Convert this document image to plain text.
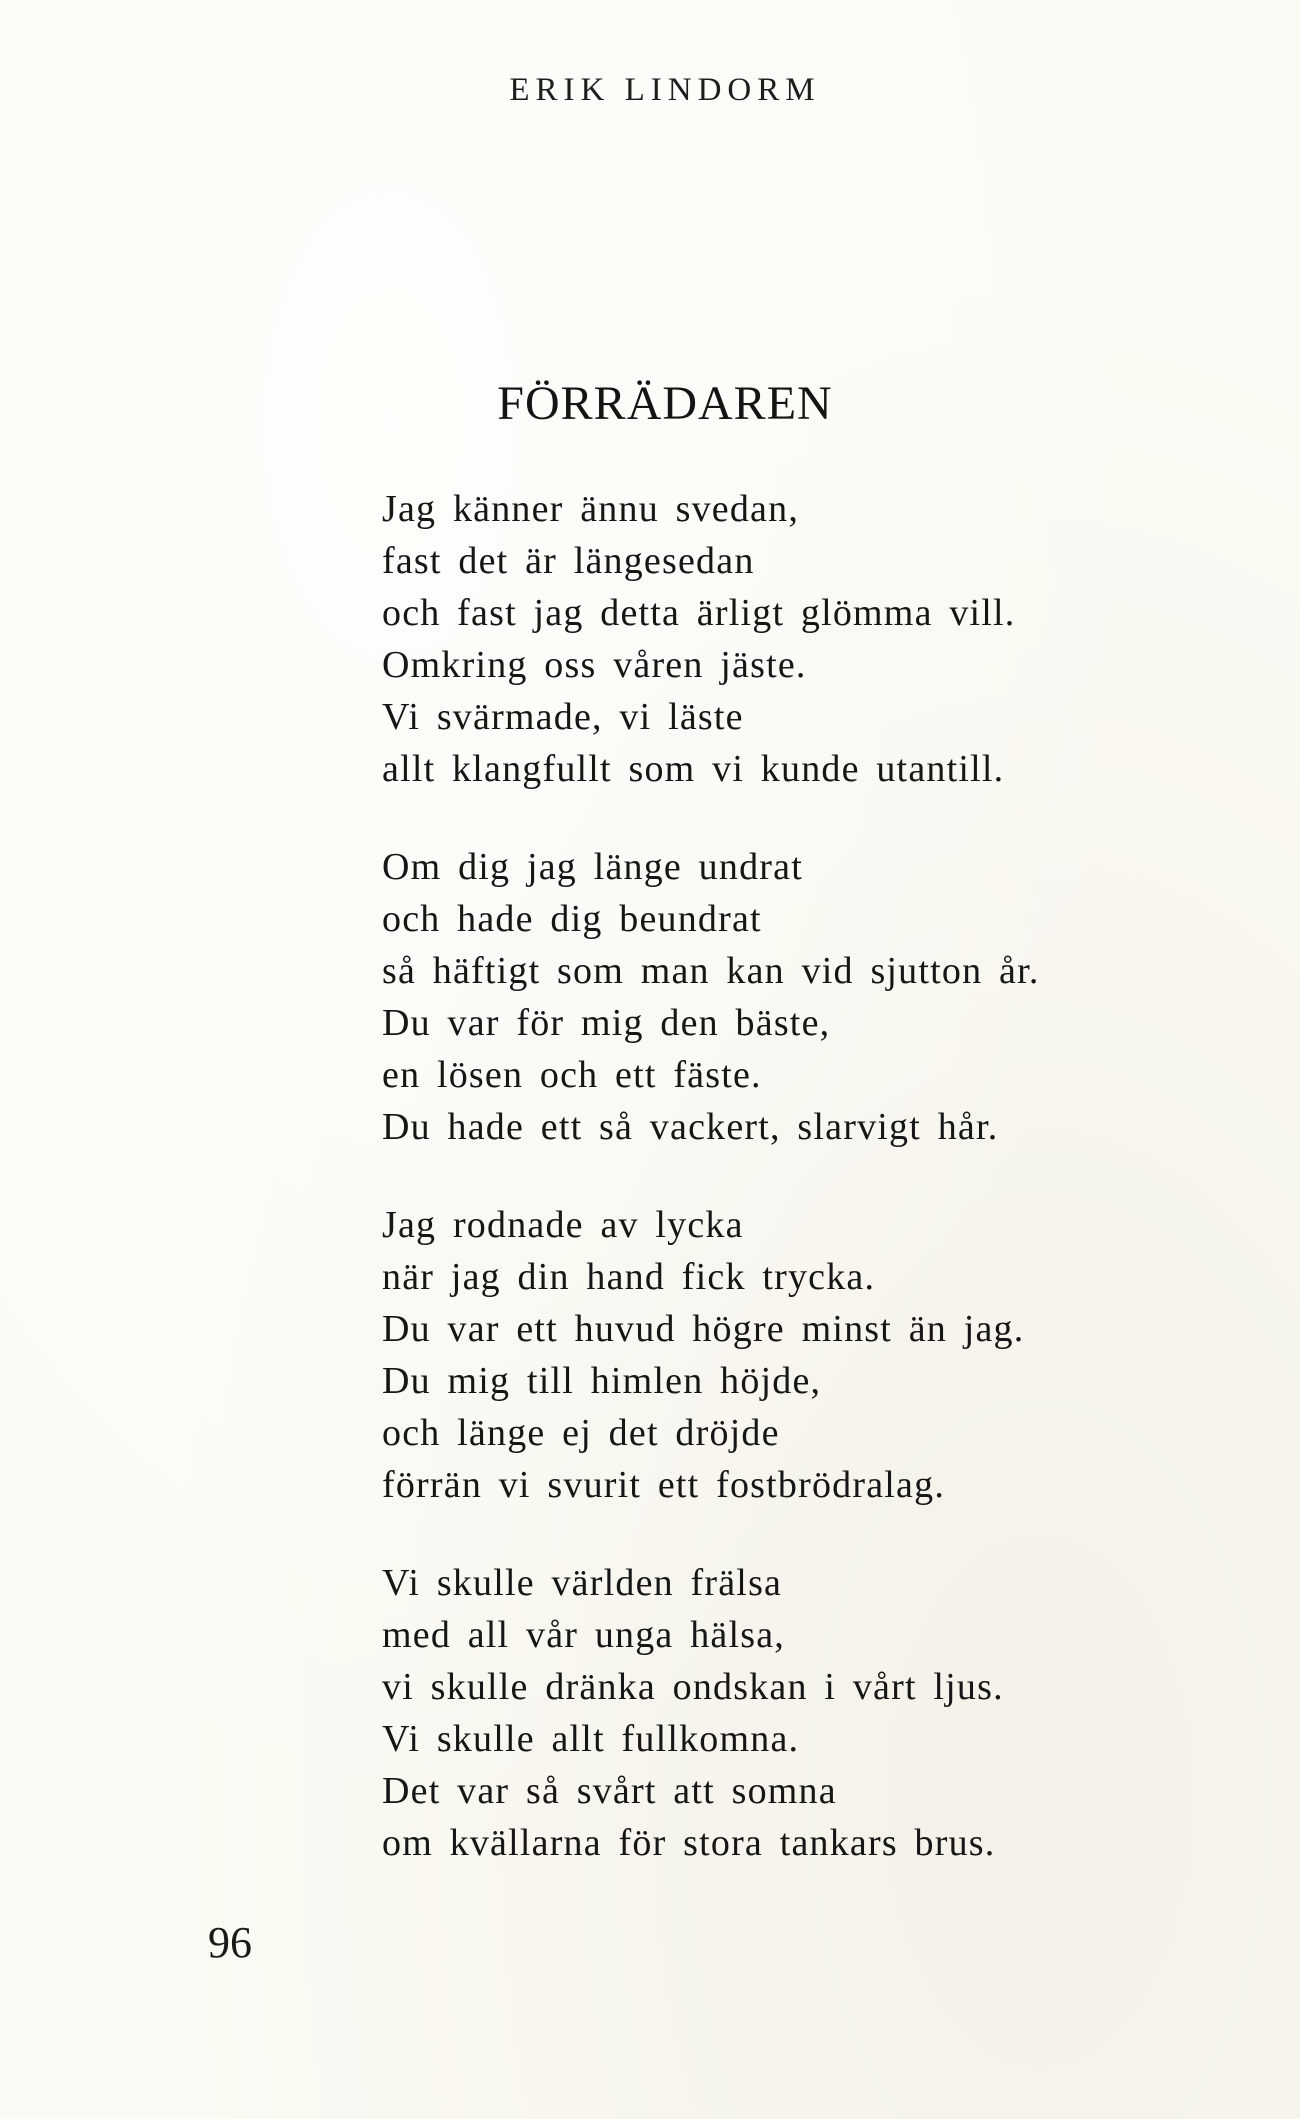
ERIK LINDORM
FÖRRÄDAREN
Jag känner ännu svedan,
fast det är längesedan
och fast jag detta ärligt glömma vill.
Omkring oss våren jäste.
Vi svärmade, vi läste
allt klangfullt som vi kunde utantill.
Om dig jag länge undrat
och hade dig beundrat
så häftigt som man kan vid sjutton år.
Du var för mig den bäste,
en lösen och ett fäste.
Du hade ett så vackert, slarvigt hår.
Jag rodnade av lycka
när jag din hand fick trycka.
Du var ett huvud högre minst än jag.
Du mig till himlen höjde,
och länge ej det dröjde
förrän vi svurit ett fostbrödralag.
Vi skulle världen frälsa
med all vår unga hälsa,
vi skulle dränka ondskan i vårt ljus.
Vi skulle allt fullkomna.
Det var så svårt att somna
om kvällarna för stora tankars brus.
96
